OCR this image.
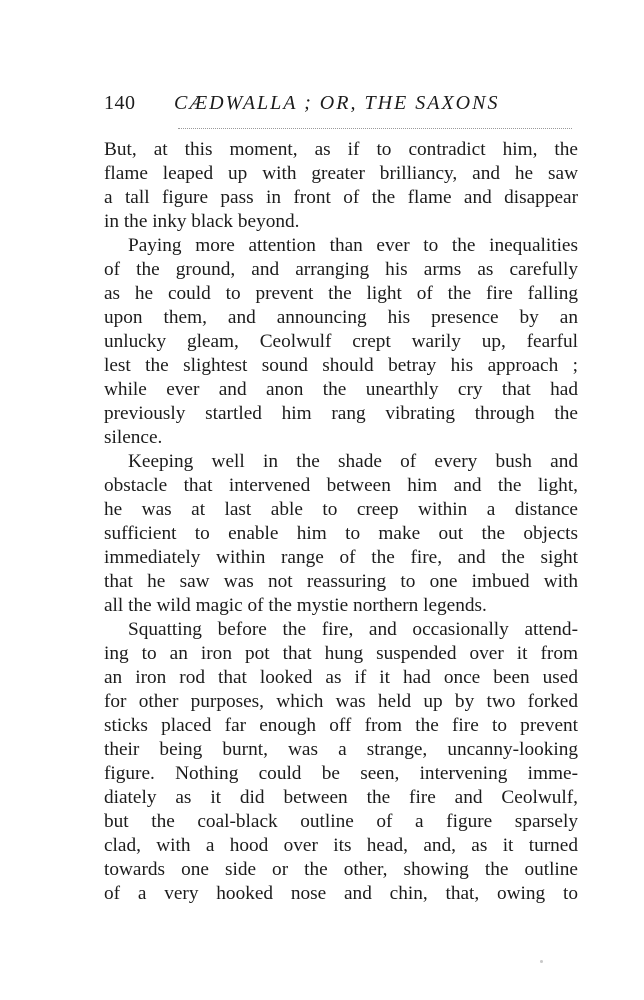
140 CÆDWALLA ; OR, THE SAXONS
But, at this moment, as if to contradict him, the
flame leaped up with greater brilliancy, and he saw
a tall figure pass in front of the flame and disappear
in the inky black beyond.
Paying more attention than ever to the inequalities
of the ground, and arranging his arms as carefully
as he could to prevent the light of the fire falling
upon them, and announcing his presence by an
unlucky gleam, Ceolwulf crept warily up, fearful
lest the slightest sound should betray his approach ;
while ever and anon the unearthly cry that had
previously startled him rang vibrating through the
silence.
Keeping well in the shade of every bush and
obstacle that intervened between him and the light,
he was at last able to creep within a distance
sufficient to enable him to make out the objects
immediately within range of the fire, and the sight
that he saw was not reassuring to one imbued with
all the wild magic of the mystie northern legends.
Squatting before the fire, and occasionally attend-
ing to an iron pot that hung suspended over it from
an iron rod that looked as if it had once been used
for other purposes, which was held up by two forked
sticks placed far enough off from the fire to prevent
their being burnt, was a strange, uncanny-looking
figure. Nothing could be seen, intervening imme-
diately as it did between the fire and Ceolwulf,
but the coal-black outline of a figure sparsely
clad, with a hood over its head, and, as it turned
towards one side or the other, showing the outline
of a very hooked nose and chin, that, owing to
